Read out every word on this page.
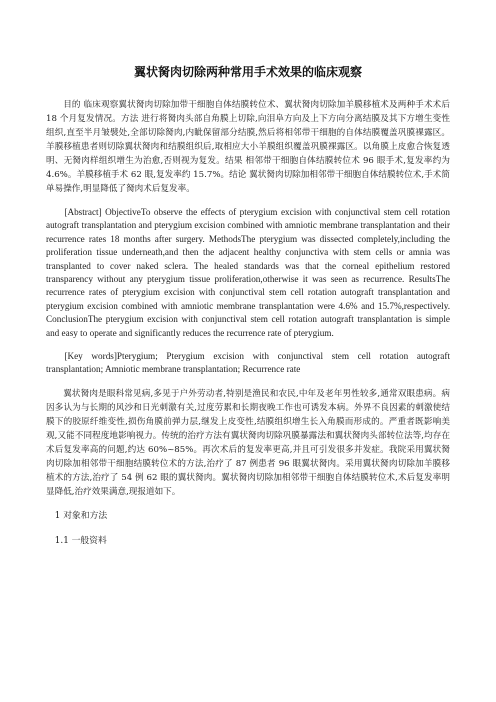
翼状胬肉切除两种常用手术效果的临床观察

目的 临床观察翼状胬肉切除加带干细胞自体结膜转位术、翼状胬肉切除加羊膜移植术及两种手术术后 18 个月复发情况。方法 进行将胬肉头部自角膜上切除,向泪阜方向及上下方向分离结膜及其下方增生变性组织,直至半月皱襞处,全部切除胬肉,内眦保留部分结膜,然后将相邻带干细胞的自体结膜覆盖巩膜裸露区。羊膜移植患者则切除翼状胬肉和结膜组织后,取相应大小羊膜组织覆盖巩膜裸露区。以角膜上皮愈合恢复透明、无胬肉样组织增生为治愈,否则视为复发。结果 相邻带干细胞自体结膜转位术 96 眼手术,复发率约为 4.6%。羊膜移植手术 62 眼,复发率约 15.7%。结论 翼状胬肉切除加相邻带干细胞自体结膜转位术,手术简单易操作,明显降低了胬肉术后复发率。

[Abstract] ObjectiveTo observe the effects of pterygium excision with conjunctival stem cell rotation autograft transplantation and pterygium excision combined with amniotic membrane transplantation and their recurrence rates 18 months after surgery. MethodsThe pterygium was dissected completely,including the proliferation tissue underneath,and then the adjacent healthy conjunctiva with stem cells or amnia was transplanted to cover naked sclera. The healed standards was that the corneal epithelium restored transparency without any pterygium tissue proliferation,otherwise it was seen as recurrence. ResultsThe recurrence rates of pterygium excision with conjunctival stem cell rotation autograft transplantation and pterygium excision combined with amniotic membrane transplantation were 4.6% and 15.7%,respectively. ConclusionThe pterygium excision with conjunctival stem cell rotation autograft transplantation is simple and easy to operate and significantly reduces the recurrence rate of pterygium.

[Key words]Pterygium; Pterygium excision with conjunctival stem cell rotation autograft transplantation; Amniotic membrane transplantation; Recurrence rate

翼状胬肉是眼科常见病,多见于户外劳动者,特别是渔民和农民,中年及老年男性较多,通常双眼患病。病因多认为与长期的风沙和日光刺激有关,过度劳累和长期夜晚工作也可诱发本病。外界不良因素的刺激使结膜下的胶原纤维变性,损伤角膜前弹力层,继发上皮变性,结膜组织增生长入角膜而形成的。严重者既影响美观,又能不同程度地影响视力。传统的治疗方法有翼状胬肉切除巩膜暴露法和翼状胬肉头部转位法等,均存在术后复发率高的问题,约达 60%~85%。再次术后的复发率更高,并且可引发很多并发症。我院采用翼状胬肉切除加相邻带干细胞结膜转位术的方法,治疗了 87 例患者 96 眼翼状胬肉。采用翼状胬肉切除加羊膜移植术的方法,治疗了 54 例 62 眼的翼状胬肉。翼状胬肉切除加相邻带干细胞自体结膜转位术,术后复发率明显降低,治疗效果满意,现报道如下。

1 对象和方法
1.1 一般资料
